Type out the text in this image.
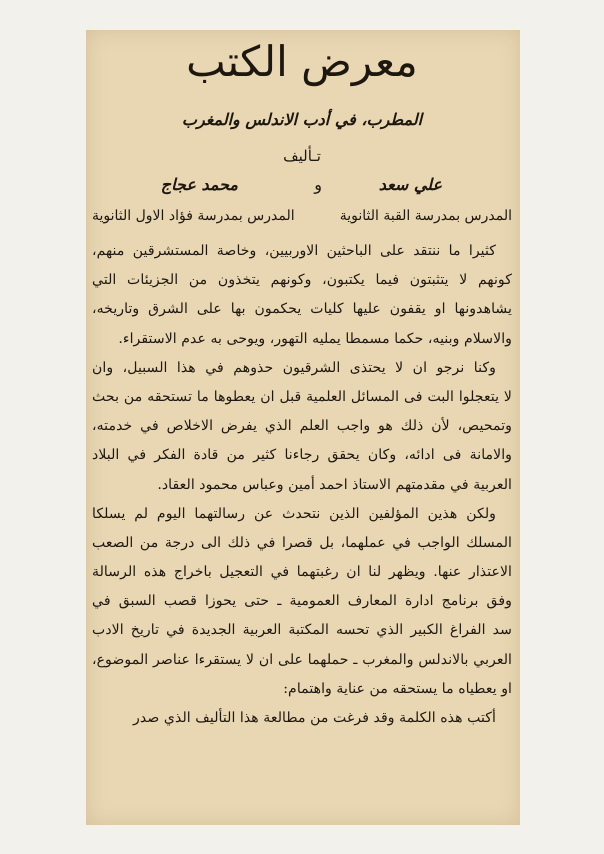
معرض الكتب
المطرب، في أدب الاندلس والمغرب
تـأليف
علي سعد
و
محمد عجاج
المدرس بمدرسة القبة الثانوية
المدرس بمدرسة فؤاد الاول الثانوية
كثيرا ما ننتقد على الباحثين الاوربيين، وخاصة المستشرقين منهم،
كونهم لا يتثبتون فيما يكتبون، وكونهم يتخذون من الجزيئات التي
يشاهدونها او يقفون عليها كليات يحكمون بها على الشرق وتاريخه،
والاسلام وبنيه، حكما مسمطا يمليه التهور، ويوحى به عدم الاستقراء.
وكنا نرجو ان لا يحتذى الشرقيون حذوهم في هذا السبيل، وان
لا يتعجلوا البت فى المسائل العلمية قبل ان يعطوها ما تستحقه من بحث
وتمحيص، لأن ذلك هو واجب العلم الذي يفرض الاخلاص في خدمته،
والامانة فى ادائه، وكان يحقق رجاءنا كثير من قادة الفكر في البلاد
العربية في مقدمتهم الاستاذ احمد أمين وعباس محمود العقاد.
ولكن هذين المؤلفين الذين نتحدث عن رسالتهما اليوم لم يسلكا
المسلك الواجب في عملهما، بل قصرا في ذلك الى درجة من الصعب
الاعتذار عنها. ويظهر لنا ان رغبتهما في التعجيل باخراج هذه الرسالة
وفق برنامج ادارة المعارف العمومية ـ حتى يحوزا قصب السبق في
سد الفراغ الكبير الذي تحسه المكتبة العربية الجديدة في تاريخ الادب
العربي بالاندلس والمغرب ـ حملهما على ان لا يستقرءا عناصر الموضوع،
او يعطياه ما يستحقه من عناية واهتمام:
أكتب هذه الكلمة وقد فرغت من مطالعة هذا التأليف الذي صدر
